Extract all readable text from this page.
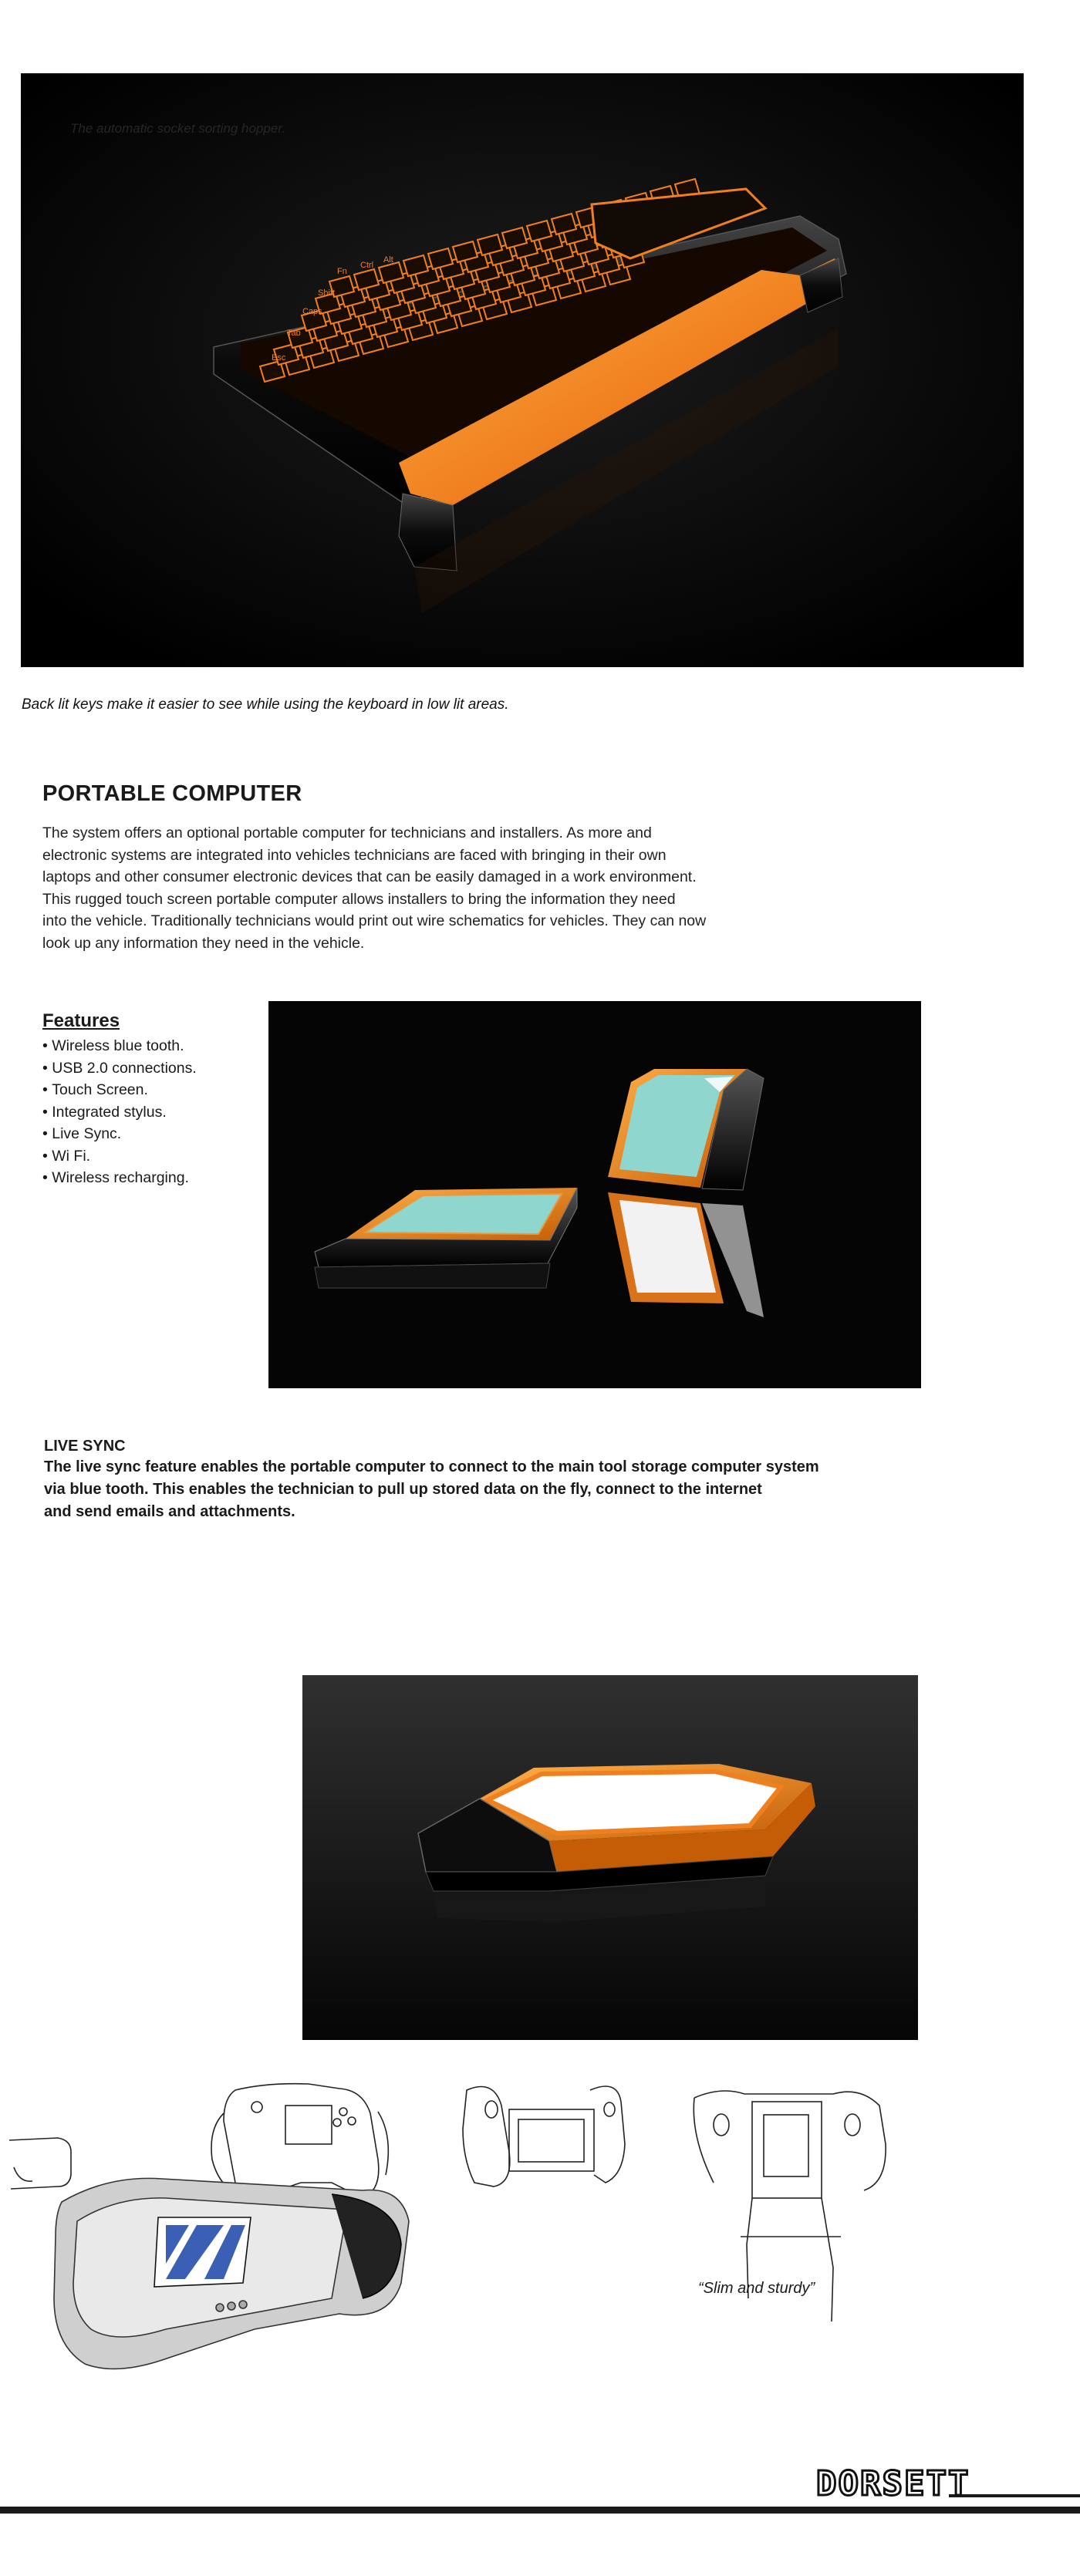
Esc
Tab
Caps
Shift
Fn
Ctrl
Alt
The automatic socket sorting hopper.
Back lit keys make it easier to see while using the keyboard in low lit areas.
PORTABLE COMPUTER
The system offers an optional portable computer for technicians and installers. As more and
electronic systems are integrated into vehicles technicians are faced with bringing in their own
laptops and other consumer electronic devices that can be easily damaged in a work environment.
This rugged touch screen portable computer allows installers to bring the information they need
into the vehicle. Traditionally technicians would print out wire schematics for vehicles. They can now
look up any information they need in the vehicle.
Features
• Wireless blue tooth.
• USB 2.0 connections.
• Touch Screen.
• Integrated stylus.
• Live Sync.
• Wi Fi.
• Wireless recharging.
LIVE SYNC
The live sync feature enables the portable computer to connect to the main tool storage computer system
via blue tooth. This enables the technician to pull up stored data on the fly, connect to the internet
and send emails and attachments.
“Slim and sturdy”
DORSETT
